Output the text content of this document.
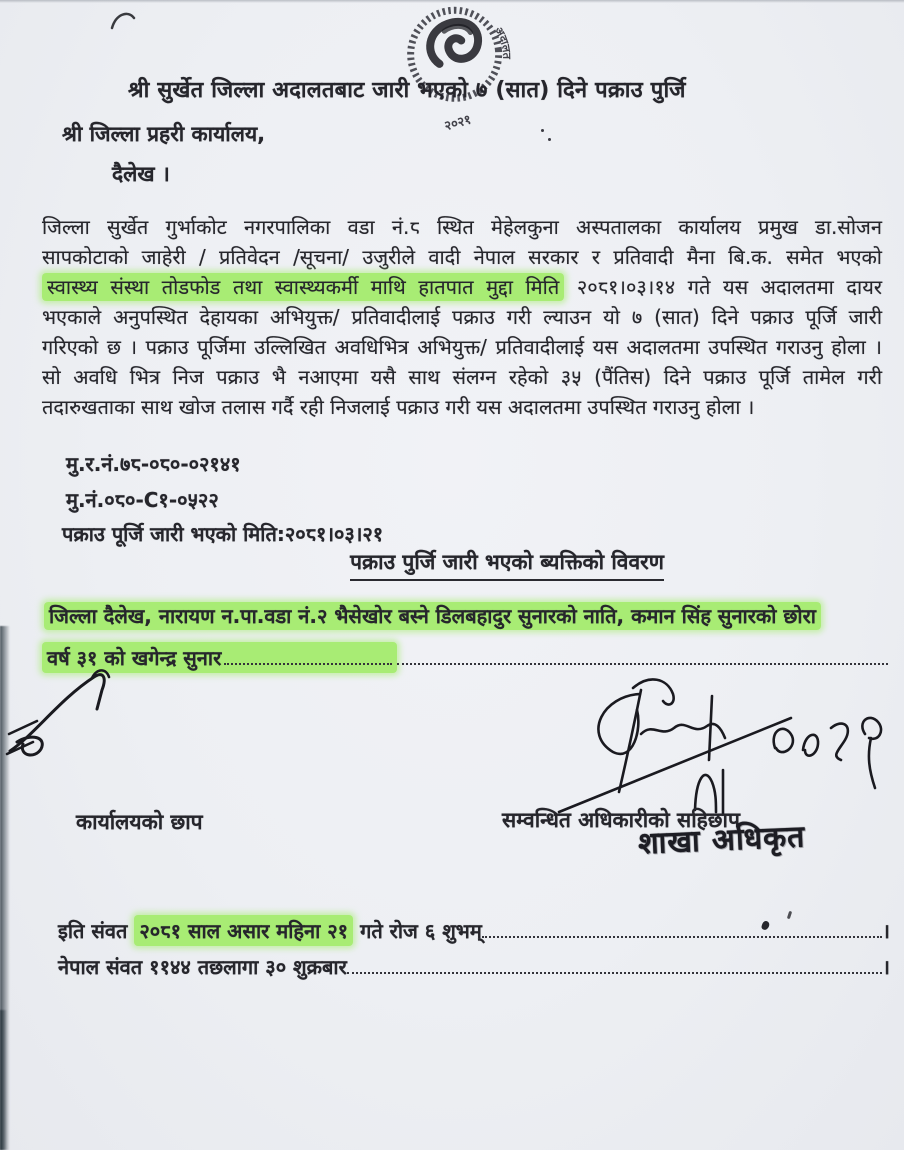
श्री सुर्खेत जिल्ला अदालतबाट जारी भएको ७ (सात) दिने पक्राउ पुर्जि
अदालत
२०२१
श्री जिल्ला प्रहरी कार्यालय,
दैलेख ।
जिल्ला सुर्खेत गुर्भाकोट नगरपालिका वडा नं.८ स्थित मेहेलकुना अस्पतालका कार्यालय प्रमुख डा.सोजन
सापकोटाको जाहेरी / प्रतिवेदन /सूचना/ उजुरीले वादी नेपाल सरकार र प्रतिवादी मैना बि.क. समेत भएको
स्वास्थ्य संस्था तोडफोड तथा स्वास्थ्यकर्मी माथि हातपात मुद्दा मिति २०८१।०३।१४ गते यस अदालतमा दायर
भएकाले अनुपस्थित देहायका अभियुक्त/ प्रतिवादीलाई पक्राउ गरी ल्याउन यो ७ (सात) दिने पक्राउ पूर्जि जारी
गरिएको छ । पक्राउ पूर्जिमा उल्लिखित अवधिभित्र अभियुक्त/ प्रतिवादीलाई यस अदालतमा उपस्थित गराउनु होला ।
सो अवधि भित्र निज पक्राउ भै नआएमा यसै साथ संलग्न रहेको ३५ (पैंतिस) दिने पक्राउ पूर्जि तामेल गरी
तदारुखताका साथ खोज तलास गर्दै रही निजलाई पक्राउ गरी यस अदालतमा उपस्थित गराउनु होला ।
मु.र.नं.७८-०८०-०२१४१
मु.नं.०८०-C१-०५२२
पक्राउ पूर्जि जारी भएको मिति:२०८१।०३।२१
पक्राउ पुर्जि जारी भएको ब्यक्तिको विवरण
जिल्ला दैलेख, नारायण न.पा.वडा नं.२ भैसेखोर बस्ने डिलबहादुर सुनारको नाति, कमान सिंह सुनारको छोरा
वर्ष ३१ को खगेन्द्र सुनार
कार्यालयको छाप	सम्वन्धित अधिकारीको सहिछाप
शाखा अधिकृत
इति संवत
२०८१ साल असार महिना २१
गते रोज ६ शुभम्	।
नेपाल संवत ११४४ तछलागा ३० शुक्रबार	।
